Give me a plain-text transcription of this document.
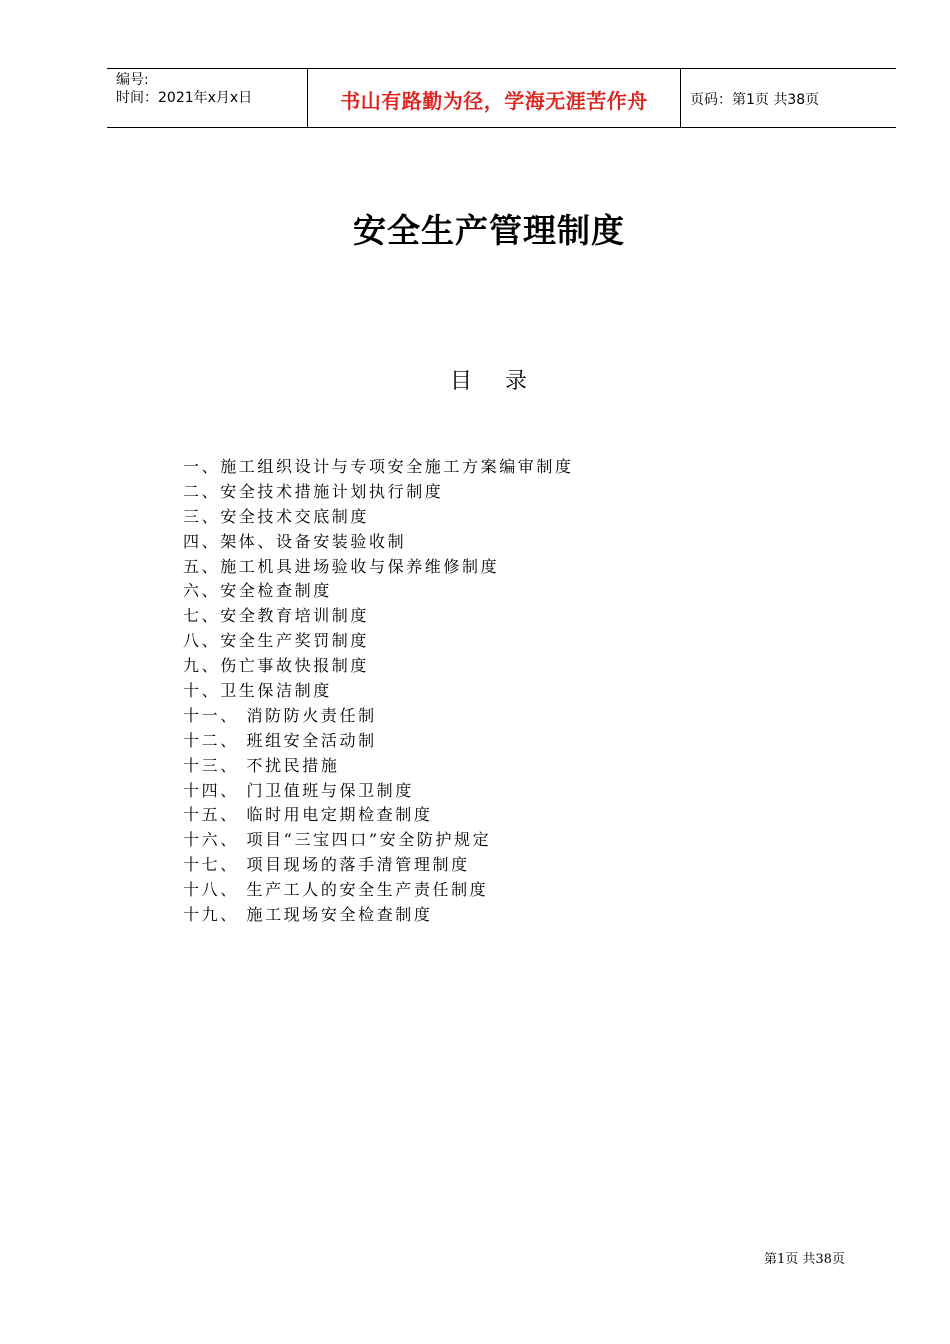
编号:
时间：2021年x月x日	书山有路勤为径，学海无涯苦作舟	页码：第1页 共38页
安全生产管理制度
目    录
一、施工组织设计与专项安全施工方案编审制度
二、安全技术措施计划执行制度
三、安全技术交底制度
四、架体、设备安装验收制
五、施工机具进场验收与保养维修制度
六、安全检查制度
七、安全教育培训制度
八、安全生产奖罚制度
九、伤亡事故快报制度
十、卫生保洁制度
十一、 消防防火责任制
十二、 班组安全活动制
十三、 不扰民措施
十四、 门卫值班与保卫制度
十五、 临时用电定期检查制度
十六、 项目“三宝四口”安全防护规定
十七、 项目现场的落手清管理制度
十八、 生产工人的安全生产责任制度
十九、 施工现场安全检查制度
第1页 共38页
